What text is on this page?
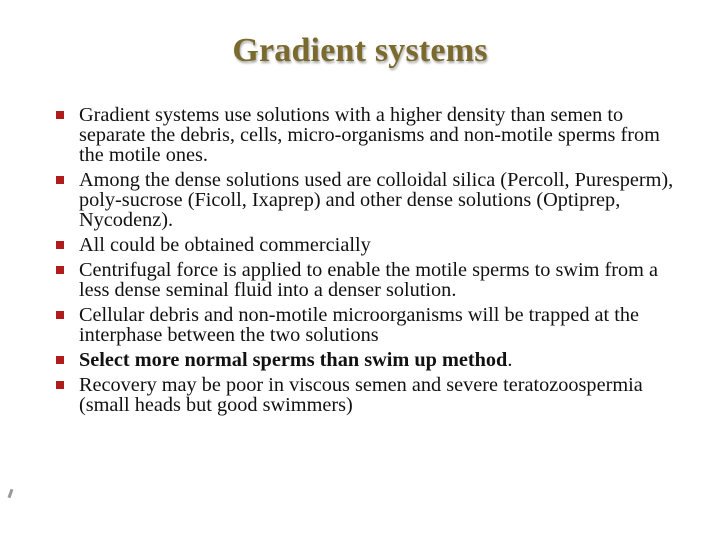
Gradient systems
Gradient systems use solutions with a higher density than semen to separate the debris, cells, micro-organisms and non-motile sperms from the motile ones.
Among the dense solutions used are colloidal silica (Percoll, Puresperm), poly-sucrose (Ficoll, Ixaprep) and other dense solutions (Optiprep, Nycodenz).
All could be obtained commercially
Centrifugal force is applied to enable the motile sperms to swim from a less dense seminal fluid into a denser solution.
Cellular debris and non-motile microorganisms will be trapped at the interphase between the two solutions
Select more normal sperms than swim up method.
Recovery may be poor in viscous semen and severe teratozoospermia (small heads but good swimmers)
